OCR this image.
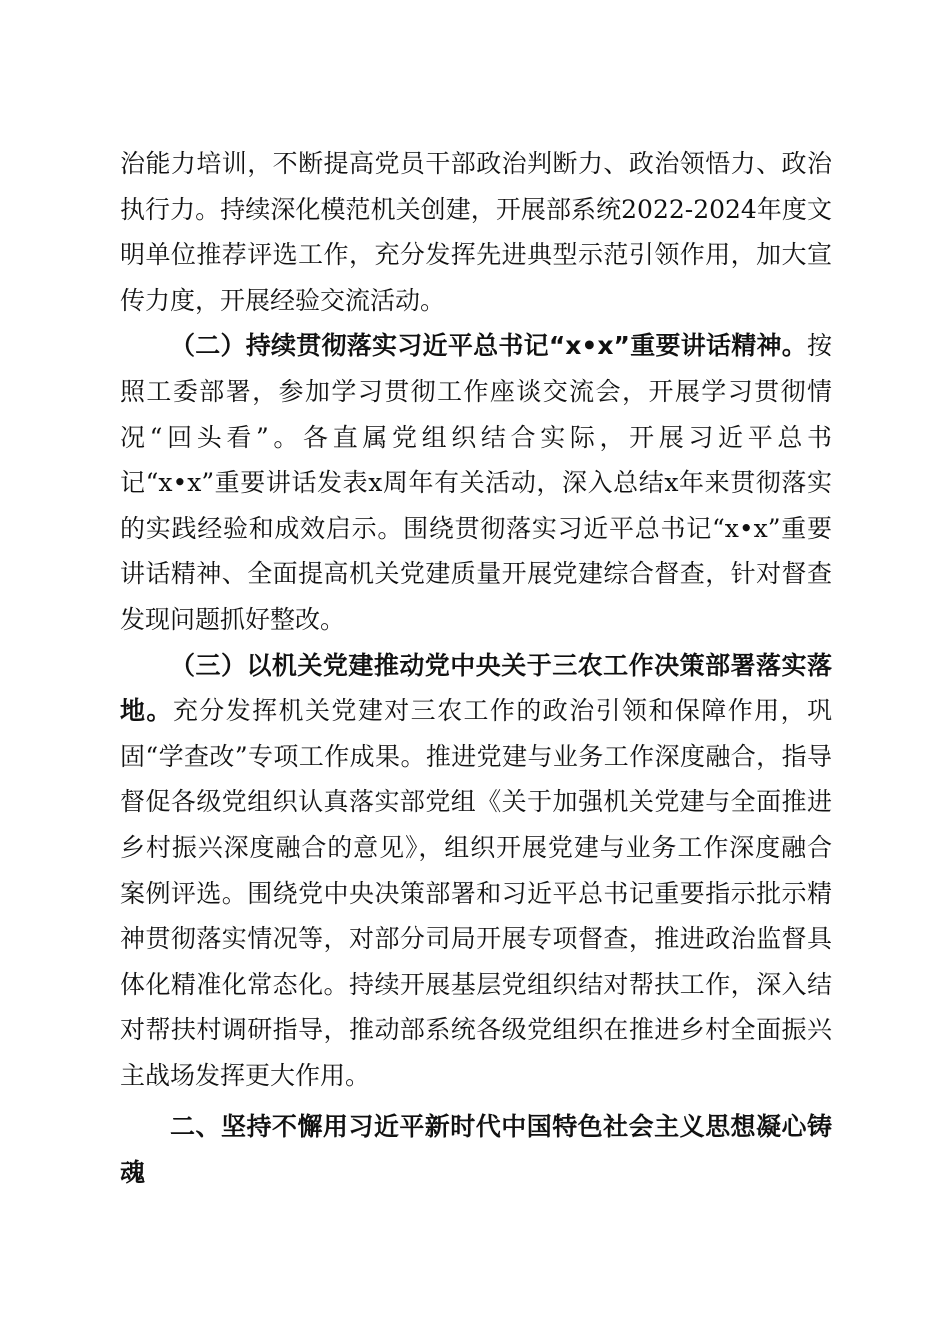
治能力培训，不断提高党员干部政治判断力、政治领悟力、政治执行力。持续深化模范机关创建，开展部系统2022-2024年度文明单位推荐评选工作，充分发挥先进典型示范引领作用，加大宣传力度，开展经验交流活动。

（二）持续贯彻落实习近平总书记“x•x”重要讲话精神。按照工委部署，参加学习贯彻工作座谈交流会，开展学习贯彻情况“回头看”。各直属党组织结合实际，开展习近平总书记“x•x”重要讲话发表x周年有关活动，深入总结x年来贯彻落实的实践经验和成效启示。围绕贯彻落实习近平总书记“x•x”重要讲话精神、全面提高机关党建质量开展党建综合督查，针对督查发现问题抓好整改。

（三）以机关党建推动党中央关于三农工作决策部署落实落地。充分发挥机关党建对三农工作的政治引领和保障作用，巩固“学查改”专项工作成果。推进党建与业务工作深度融合，指导督促各级党组织认真落实部党组《关于加强机关党建与全面推进乡村振兴深度融合的意见》，组织开展党建与业务工作深度融合案例评选。围绕党中央决策部署和习近平总书记重要指示批示精神贯彻落实情况等，对部分司局开展专项督查，推进政治监督具体化精准化常态化。持续开展基层党组织结对帮扶工作，深入结对帮扶村调研指导，推动部系统各级党组织在推进乡村全面振兴主战场发挥更大作用。

二、坚持不懈用习近平新时代中国特色社会主义思想凝心铸魂
